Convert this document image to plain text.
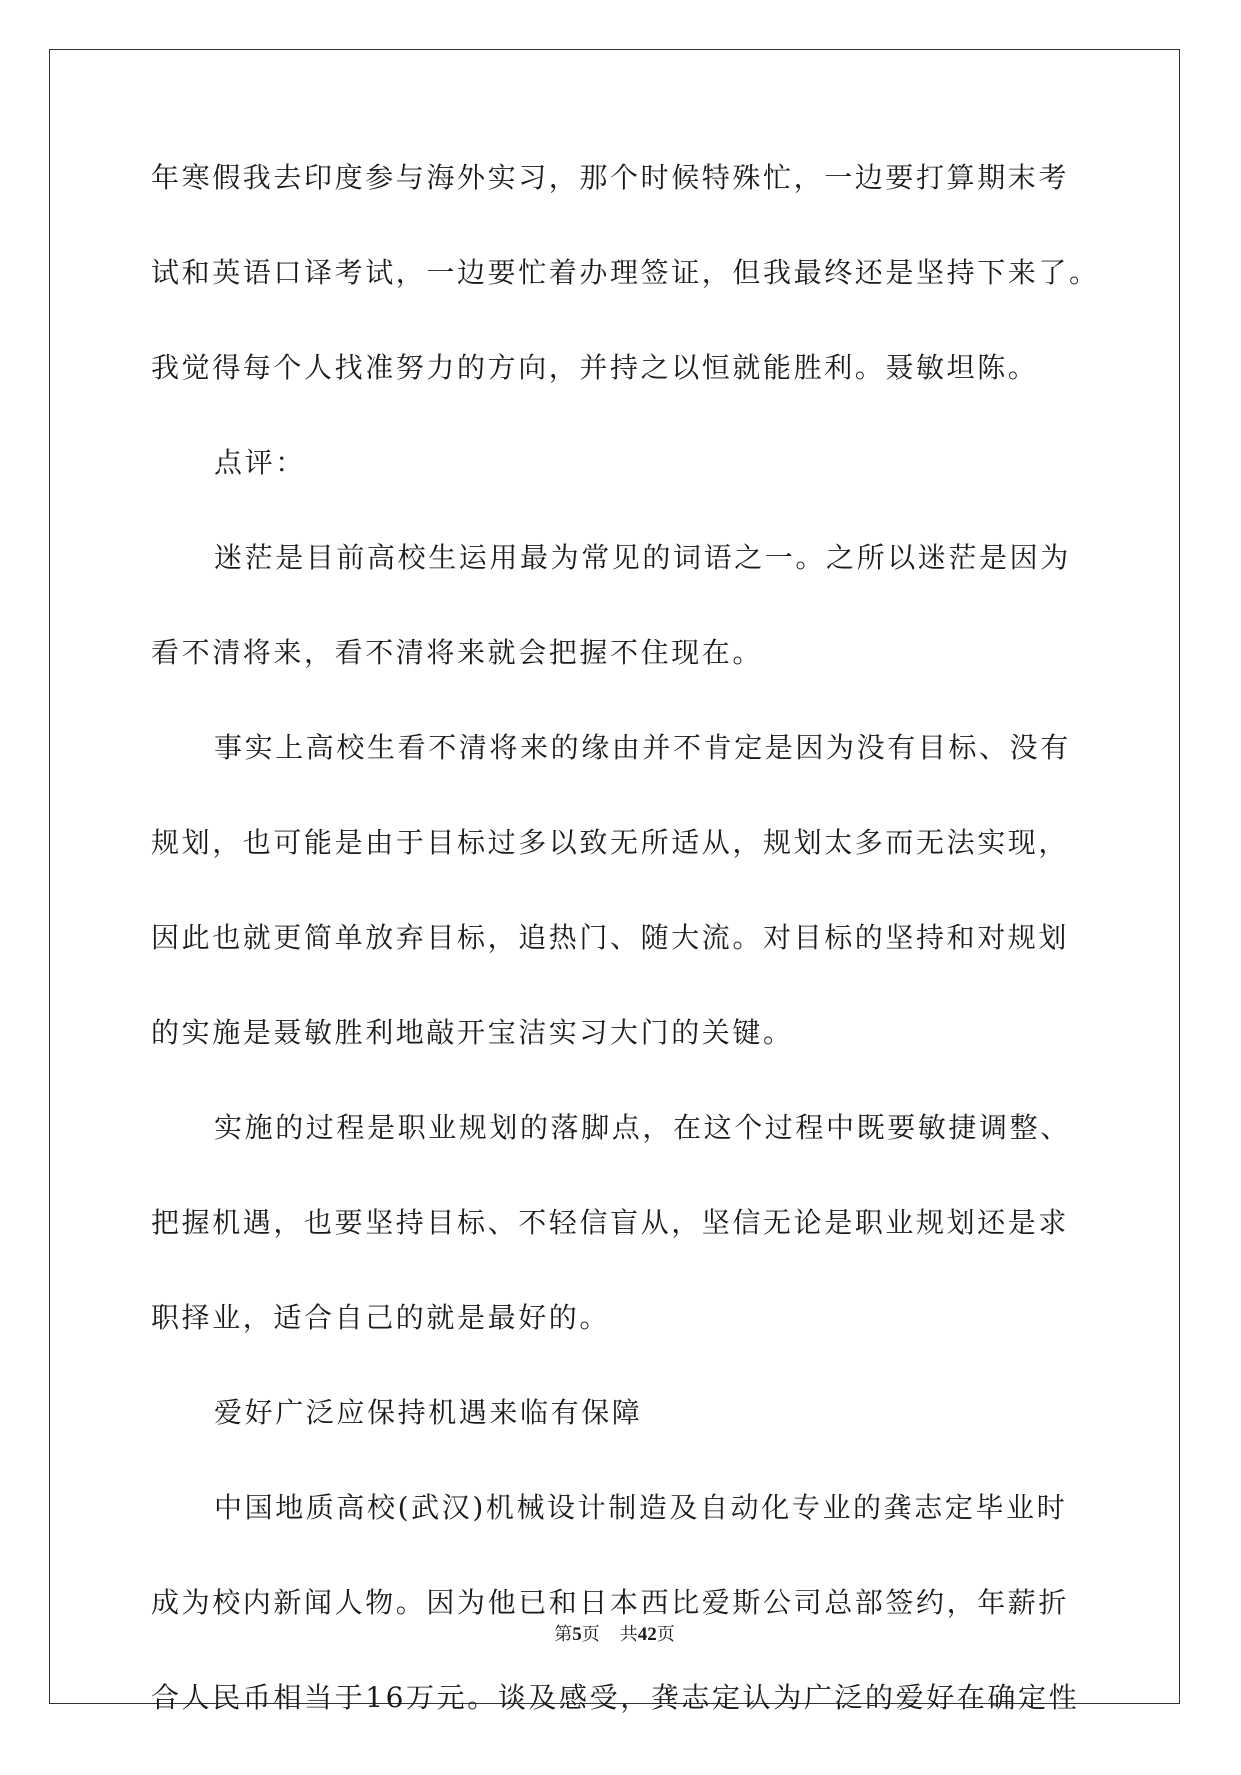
年寒假我去印度参与海外实习，那个时候特殊忙，一边要打算期末考
试和英语口译考试，一边要忙着办理签证，但我最终还是坚持下来了。
我觉得每个人找准努力的方向，并持之以恒就能胜利。聂敏坦陈。
点评：
迷茫是目前高校生运用最为常见的词语之一。之所以迷茫是因为
看不清将来，看不清将来就会把握不住现在。
事实上高校生看不清将来的缘由并不肯定是因为没有目标、没有
规划，也可能是由于目标过多以致无所适从，规划太多而无法实现，
因此也就更简单放弃目标，追热门、随大流。对目标的坚持和对规划
的实施是聂敏胜利地敲开宝洁实习大门的关键。
实施的过程是职业规划的落脚点，在这个过程中既要敏捷调整、
把握机遇，也要坚持目标、不轻信盲从，坚信无论是职业规划还是求
职择业，适合自己的就是最好的。
爱好广泛应保持机遇来临有保障
中国地质高校(武汉)机械设计制造及自动化专业的龚志定毕业时
成为校内新闻人物。因为他已和日本西比爱斯公司总部签约，年薪折
合人民币相当于16万元。谈及感受，龚志定认为广泛的爱好在确定性
第5页 共42页
